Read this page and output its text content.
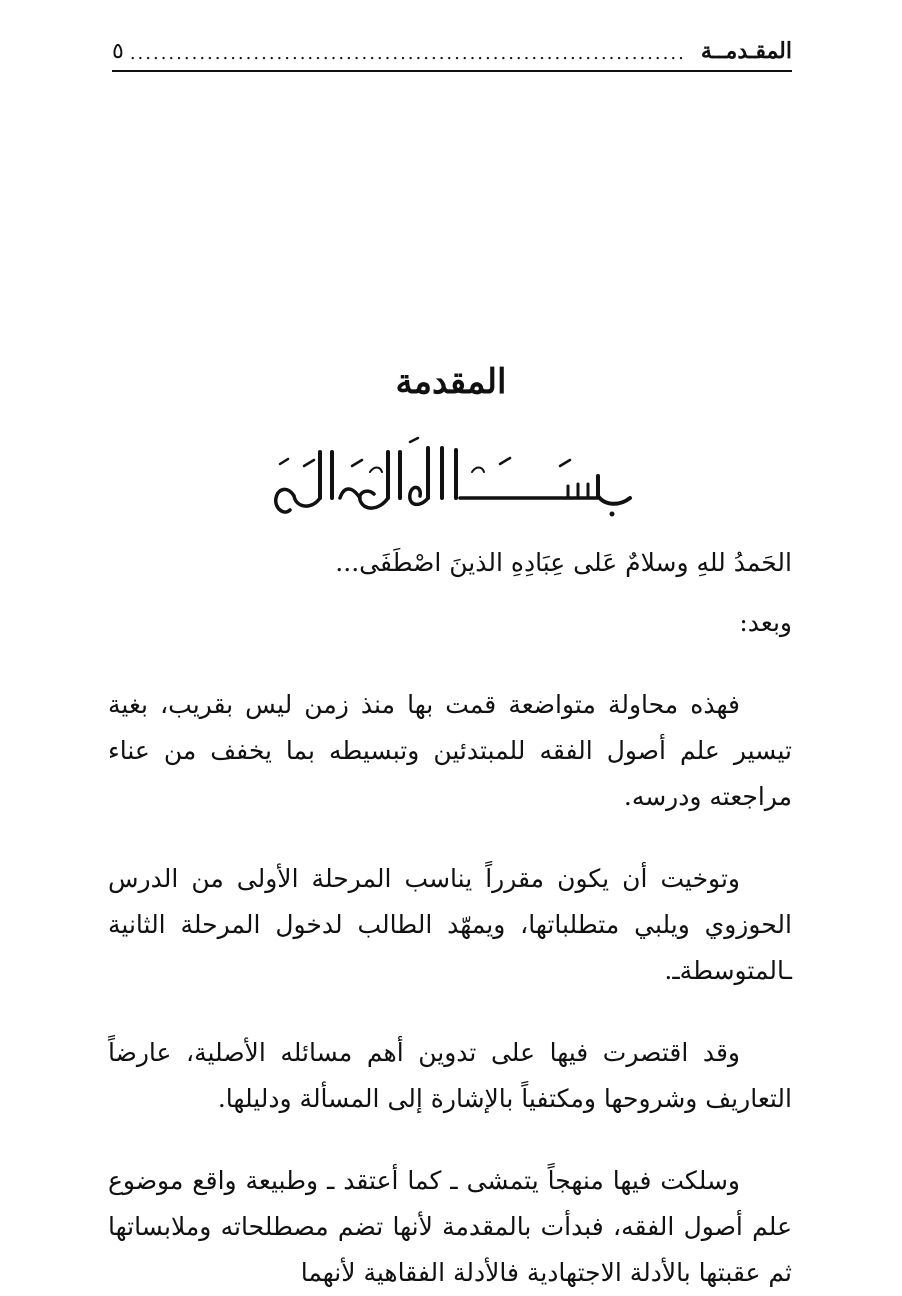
المقـدمــة
........................................................................
٥
المقدمة

الحَمدُ للهِ وسلامٌ عَلى عِبَادِهِ الذينَ اصْطَفَى...

وبعد:

فهذه محاولة متواضعة قمت بها منذ زمن ليس بقريب، بغية تيسير علم أصول الفقه للمبتدئين وتبسيطه بما يخفف من عناء مراجعته ودرسه.

وتوخيت أن يكون مقرراً يناسب المرحلة الأولى من الدرس الحوزوي ويلبي متطلباتها، ويمهّد الطالب لدخول المرحلة الثانية ـالمتوسطةـ.

وقد اقتصرت فيها على تدوين أهم مسائله الأصلية، عارضاً التعاريف وشروحها ومكتفياً بالإشارة إلى المسألة ودليلها.

وسلكت فيها منهجاً يتمشى ـ كما أعتقد ـ وطبيعة واقع موضوع علم أصول الفقه، فبدأت بالمقدمة لأنها تضم مصطلحاته وملابساتها ثم عقبتها بالأدلة الاجتهادية فالأدلة الفقاهية لأنهما
